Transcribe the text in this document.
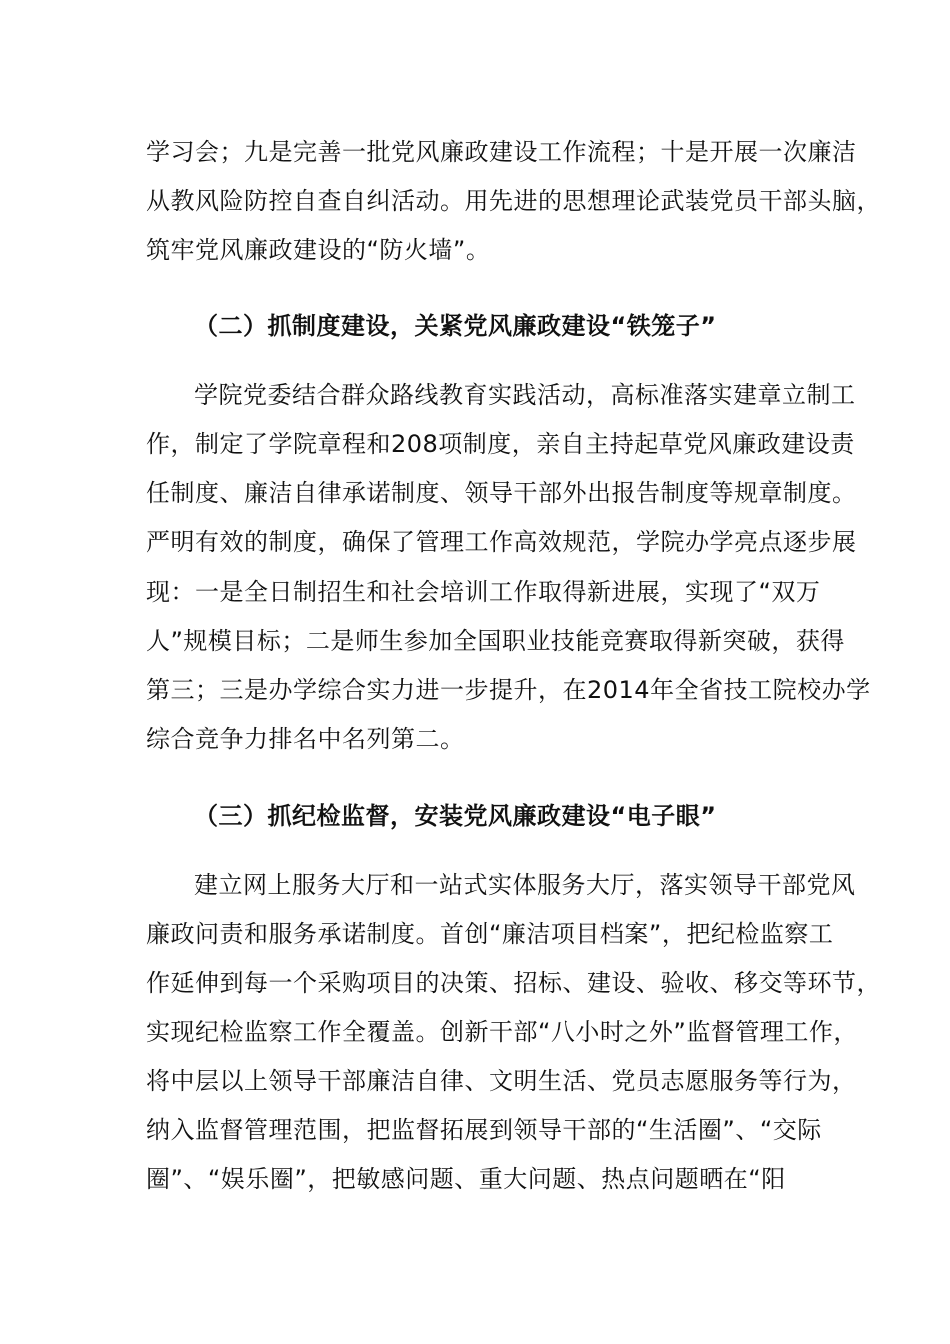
学习会；九是完善一批党风廉政建设工作流程；十是开展一次廉洁
从教风险防控自查自纠活动。用先进的思想理论武装党员干部头脑，
筑牢党风廉政建设的“防火墙”。
（二）抓制度建设，关紧党风廉政建设“铁笼子”
学院党委结合群众路线教育实践活动，高标准落实建章立制工
作，制定了学院章程和208项制度，亲自主持起草党风廉政建设责
任制度、廉洁自律承诺制度、领导干部外出报告制度等规章制度。
严明有效的制度，确保了管理工作高效规范，学院办学亮点逐步展
现：一是全日制招生和社会培训工作取得新进展，实现了“双万
人”规模目标；二是师生参加全国职业技能竞赛取得新突破，获得
第三；三是办学综合实力进一步提升，在2014年全省技工院校办学
综合竞争力排名中名列第二。
（三）抓纪检监督，安装党风廉政建设“电子眼”
建立网上服务大厅和一站式实体服务大厅，落实领导干部党风
廉政问责和服务承诺制度。首创“廉洁项目档案”，把纪检监察工
作延伸到每一个采购项目的决策、招标、建设、验收、移交等环节，
实现纪检监察工作全覆盖。创新干部“八小时之外”监督管理工作，
将中层以上领导干部廉洁自律、文明生活、党员志愿服务等行为，
纳入监督管理范围，把监督拓展到领导干部的“生活圈”、“交际
圈”、“娱乐圈”，把敏感问题、重大问题、热点问题晒在“阳
